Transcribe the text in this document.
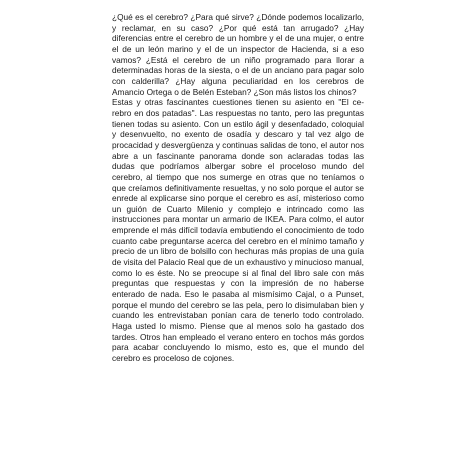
¿Qué es el cerebro? ¿Para qué sirve? ¿Dónde podemos localizarlo, y reclamar, en su caso? ¿Por qué está tan arrugado? ¿Hay diferencias entre el cerebro de un hombre y el de una mujer, o entre el de un león marino y el de un inspector de Hacienda, si a eso vamos? ¿Está el cerebro de un niño programado para llorar a determinadas horas de la siesta, o el de un anciano para pagar solo con calderilla? ¿Hay alguna peculiaridad en los cerebros de Amancio Ortega o de Belén Esteban? ¿Son más listos los chinos?

Estas y otras fascinantes cuestiones tienen su asiento en "El cerebro en dos patadas". Las respuestas no tanto, pero las preguntas tienen todas su asiento. Con un estilo ágil y desenfadado, coloquial y desenvuelto, no exento de osadía y descaro y tal vez algo de procacidad y desvergüenza y continuas salidas de tono, el autor nos abre a un fascinante panorama donde son aclaradas todas las dudas que podríamos albergar sobre el proceloso mundo del cerebro, al tiempo que nos sumerge en otras que no teníamos o que creíamos definitivamente resueltas, y no solo porque el autor se enrede al explicarse sino porque el cerebro es así, misterioso como un guión de Cuarto Milenio y complejo e intrincado como las instrucciones para montar un armario de IKEA. Para colmo, el autor emprende el más difícil todavía embutiendo el conocimiento de todo cuanto cabe preguntarse acerca del cerebro en el mínimo tamaño y precio de un libro de bolsillo con hechuras más propias de una guía de visita del Palacio Real que de un exhaustivo y minucioso manual, como lo es éste. No se preocupe si al final del libro sale con más preguntas que respuestas y con la impresión de no haberse enterado de nada. Eso le pasaba al mismísimo Cajal, o a Punset, porque el mundo del cerebro se las pela, pero lo disimulaban bien y cuando les entrevistaban ponían cara de tenerlo todo controlado. Haga usted lo mismo. Piense que al menos solo ha gastado dos tardes. Otros han empleado el verano entero en tochos más gordos para acabar concluyendo lo mismo, esto es, que el mundo del cerebro es proceloso de cojones.
